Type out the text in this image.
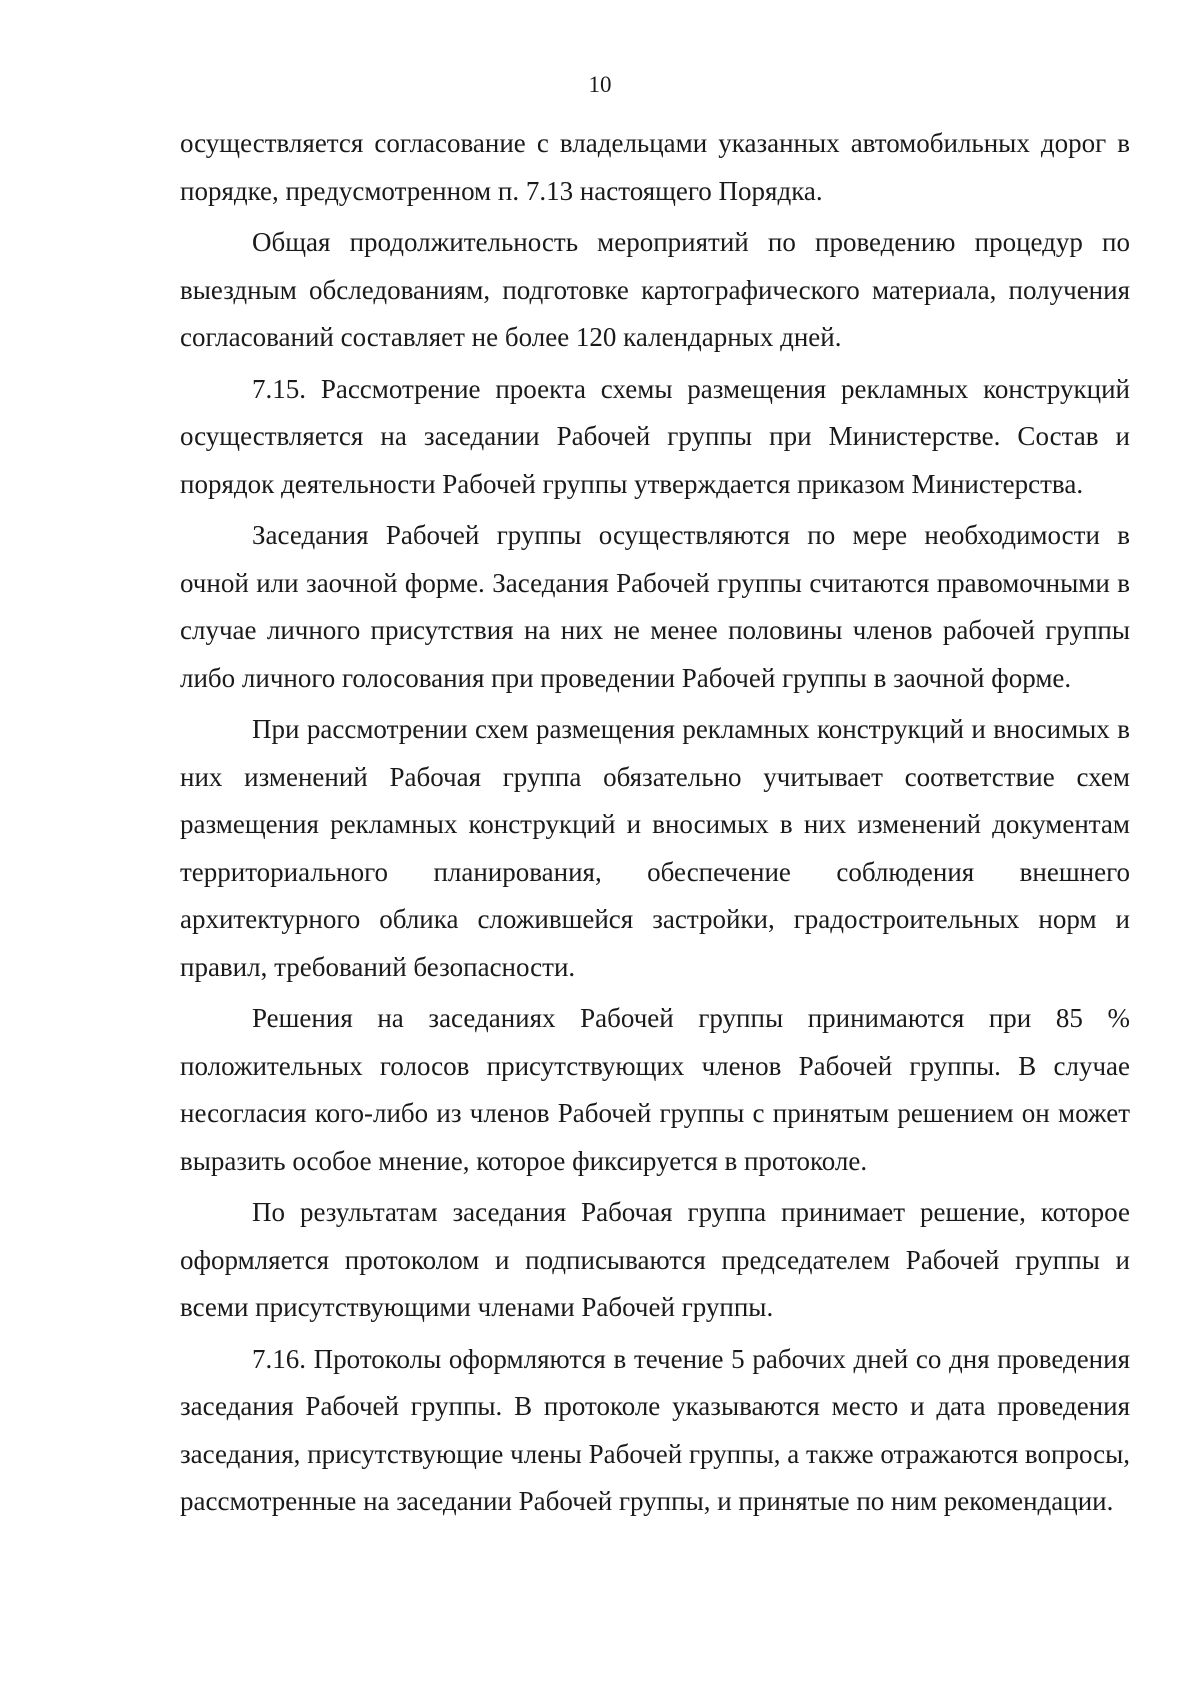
10

осуществляется согласование с владельцами указанных автомобильных дорог в порядке, предусмотренном п. 7.13 настоящего Порядка.

Общая продолжительность мероприятий по проведению процедур по выездным обследованиям, подготовке картографического материала, получения согласований составляет не более 120 календарных дней.

7.15. Рассмотрение проекта схемы размещения рекламных конструкций осуществляется на заседании Рабочей группы при Министерстве. Состав и порядок деятельности Рабочей группы утверждается приказом Министерства.

Заседания Рабочей группы осуществляются по мере необходимости в очной или заочной форме. Заседания Рабочей группы считаются правомочными в случае личного присутствия на них не менее половины членов рабочей группы либо личного голосования при проведении Рабочей группы в заочной форме.

При рассмотрении схем размещения рекламных конструкций и вносимых в них изменений Рабочая группа обязательно учитывает соответствие схем размещения рекламных конструкций и вносимых в них изменений документам территориального планирования, обеспечение соблюдения внешнего архитектурного облика сложившейся застройки, градостроительных норм и правил, требований безопасности.

Решения на заседаниях Рабочей группы принимаются при 85 % положительных голосов присутствующих членов Рабочей группы. В случае несогласия кого-либо из членов Рабочей группы с принятым решением он может выразить особое мнение, которое фиксируется в протоколе.

По результатам заседания Рабочая группа принимает решение, которое оформляется протоколом и подписываются председателем Рабочей группы и всеми присутствующими членами Рабочей группы.

7.16. Протоколы оформляются в течение 5 рабочих дней со дня проведения заседания Рабочей группы. В протоколе указываются место и дата проведения заседания, присутствующие члены Рабочей группы, а также отражаются вопросы, рассмотренные на заседании Рабочей группы, и принятые по ним рекомендации.
